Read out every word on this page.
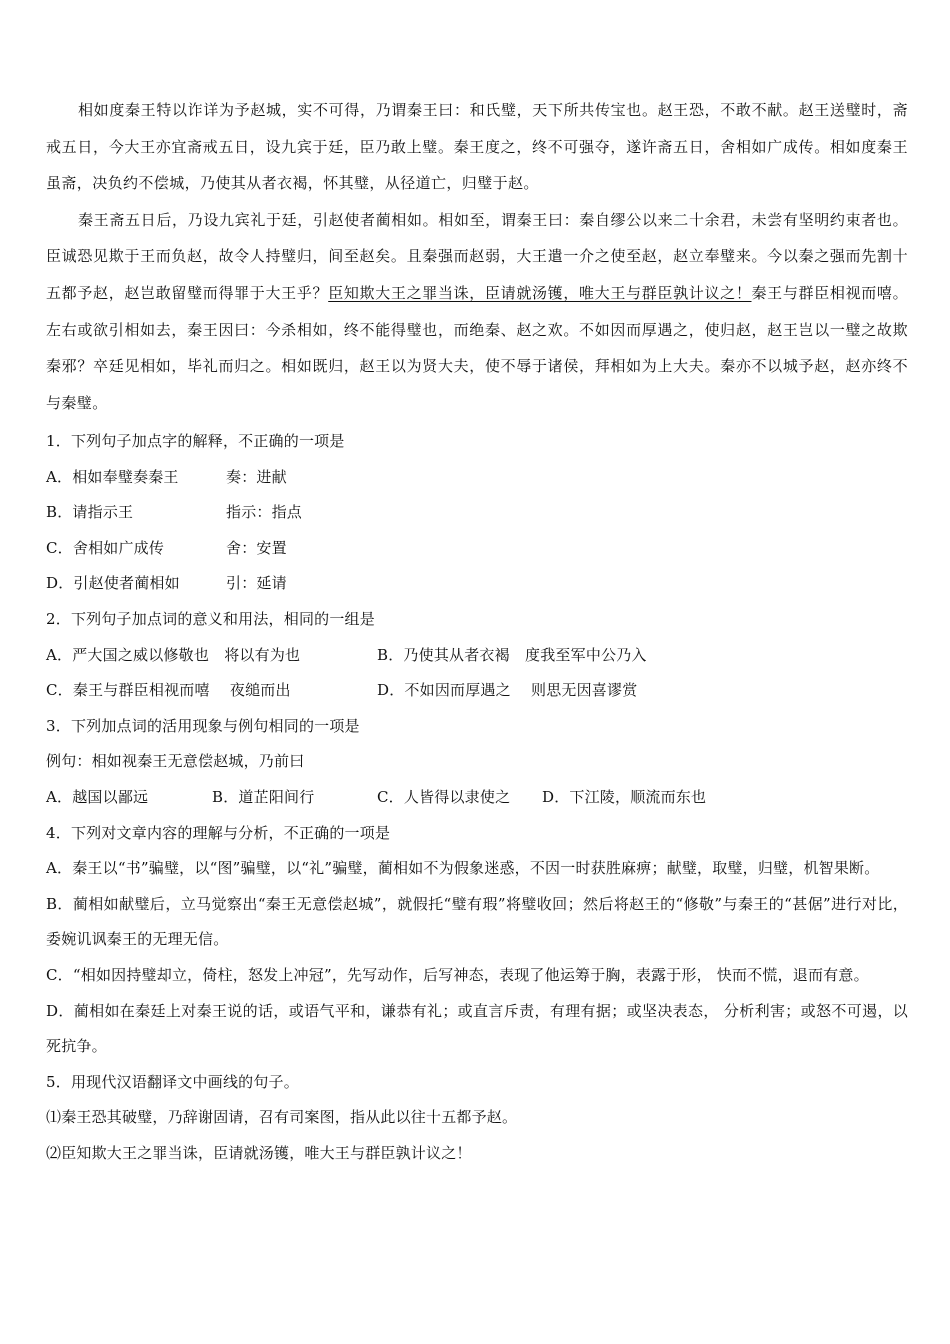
相如度秦王特以诈详为予赵城，实不可得，乃谓秦王曰：和氏璧，天下所共传宝也。赵王恐，不敢不献。赵王送璧时，斋戒五日，今大王亦宜斋戒五日，设九宾于廷，臣乃敢上璧。秦王度之，终不可强夺，遂许斋五日，舍相如广成传。相如度秦王虽斋，决负约不偿城，乃使其从者衣褐，怀其璧，从径道亡，归璧于赵。

秦王斋五日后，乃设九宾礼于廷，引赵使者蔺相如。相如至，谓秦王曰：秦自缪公以来二十余君，未尝有坚明约束者也。臣诚恐见欺于王而负赵，故令人持璧归，间至赵矣。且秦强而赵弱，大王遣一介之使至赵，赵立奉璧来。今以秦之强而先割十五都予赵，赵岂敢留璧而得罪于大王乎？臣知欺大王之罪当诛，臣请就汤镬，唯大王与群臣孰计议之！秦王与群臣相视而嘻。左右或欲引相如去，秦王因曰：今杀相如，终不能得璧也，而绝秦、赵之欢。不如因而厚遇之，使归赵，赵王岂以一璧之故欺秦邪？卒廷见相如，毕礼而归之。相如既归，赵王以为贤大夫，使不辱于诸侯，拜相如为上大夫。秦亦不以城予赵，赵亦终不与秦璧。

1．下列句子加点字的解释，不正确的一项是
A．相如奉璧奏秦王	奏：进献
B．请指示王	指示：指点
C．舍相如广成传	舍：安置
D．引赵使者蔺相如	引：延请
2．下列句子加点词的意义和用法，相同的一组是
A．严大国之威以修敬也　将以有为也	B．乃使其从者衣褐　度我至军中公乃入
C．秦王与群臣相视而嘻　 夜缒而出	D．不如因而厚遇之　 则思无因喜谬赏
3．下列加点词的活用现象与例句相同的一项是
例句：相如视秦王无意偿赵城，乃前曰
A．越国以鄙远	B．道芷阳间行	C．人皆得以隶使之	D．下江陵，顺流而东也
4．下列对文章内容的理解与分析，不正确的一项是
A．秦王以“书”骗璧，以“图”骗璧，以“礼”骗璧，蔺相如不为假象迷惑，不因一时获胜麻痹；献璧，取璧，归璧，机智果断。
B．蔺相如献璧后，立马觉察出“秦王无意偿赵城”，就假托“璧有瑕”将璧收回；然后将赵王的“修敬”与秦王的“甚倨”进行对比，委婉讥讽秦王的无理无信。
C．“相如因持璧却立，倚柱，怒发上冲冠”，先写动作，后写神态，表现了他运筹于胸，表露于形， 快而不慌，退而有意。
D．蔺相如在秦廷上对秦王说的话，或语气平和，谦恭有礼；或直言斥责，有理有据；或坚决表态， 分析利害；或怒不可遏，以死抗争。
5．用现代汉语翻译文中画线的句子。
⑴秦王恐其破璧，乃辞谢固请，召有司案图，指从此以往十五都予赵。
⑵臣知欺大王之罪当诛，臣请就汤镬，唯大王与群臣孰计议之！
